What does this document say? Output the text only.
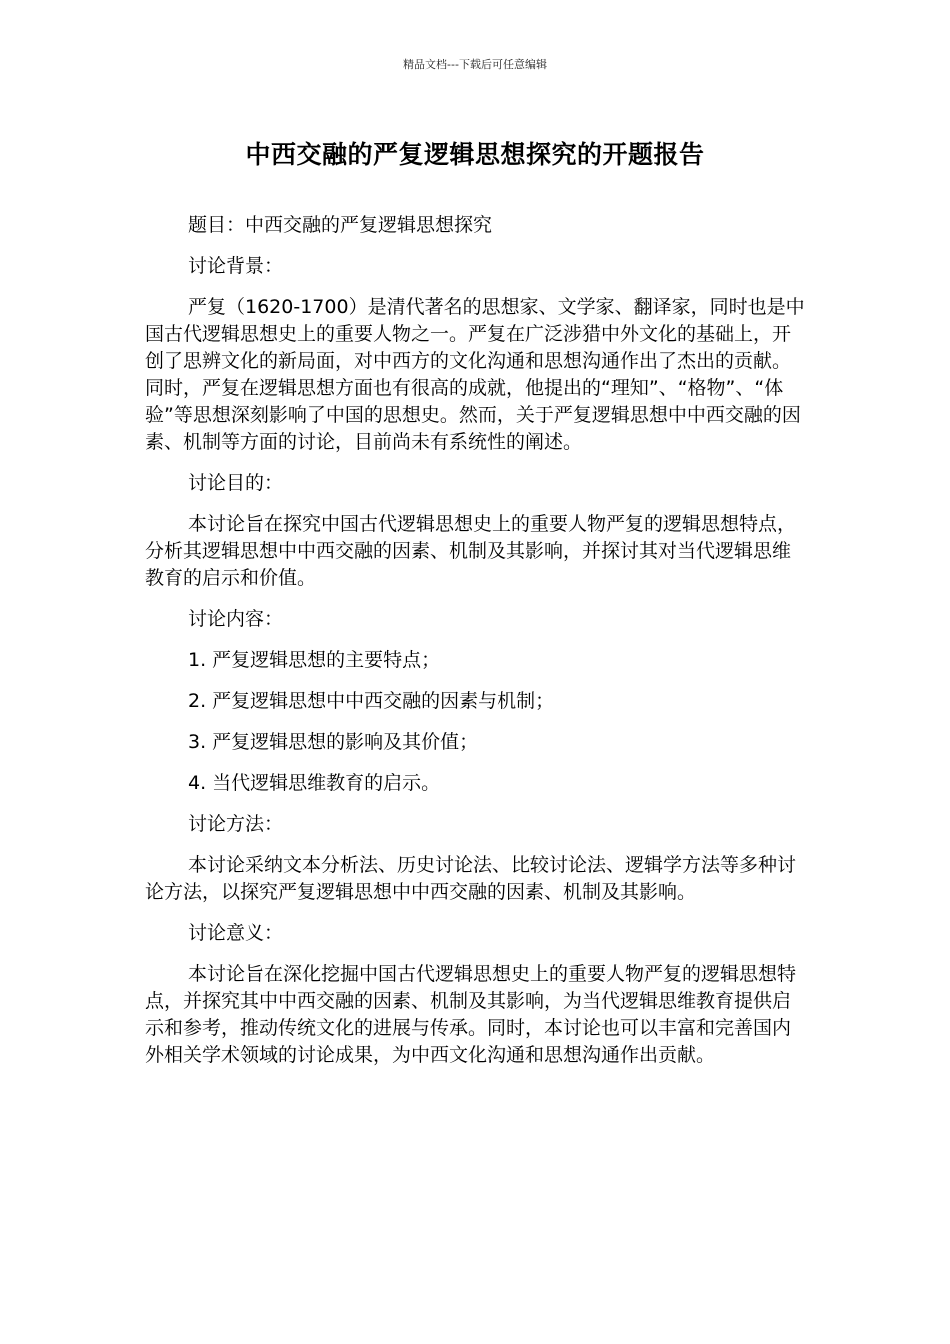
精品文档---下载后可任意编辑
中西交融的严复逻辑思想探究的开题报告

题目：中西交融的严复逻辑思想探究

讨论背景：

严复（1620-1700）是清代著名的思想家、文学家、翻译家，同时也是中国古代逻辑思想史上的重要人物之一。严复在广泛涉猎中外文化的基础上，开创了思辨文化的新局面，对中西方的文化沟通和思想沟通作出了杰出的贡献。同时，严复在逻辑思想方面也有很高的成就，他提出的“理知”、“格物”、“体验”等思想深刻影响了中国的思想史。然而，关于严复逻辑思想中中西交融的因素、机制等方面的讨论，目前尚未有系统性的阐述。

讨论目的：

本讨论旨在探究中国古代逻辑思想史上的重要人物严复的逻辑思想特点，分析其逻辑思想中中西交融的因素、机制及其影响，并探讨其对当代逻辑思维教育的启示和价值。

讨论内容：

1. 严复逻辑思想的主要特点；

2. 严复逻辑思想中中西交融的因素与机制；

3. 严复逻辑思想的影响及其价值；

4. 当代逻辑思维教育的启示。

讨论方法：

本讨论采纳文本分析法、历史讨论法、比较讨论法、逻辑学方法等多种讨论方法，以探究严复逻辑思想中中西交融的因素、机制及其影响。

讨论意义：

本讨论旨在深化挖掘中国古代逻辑思想史上的重要人物严复的逻辑思想特点，并探究其中中西交融的因素、机制及其影响，为当代逻辑思维教育提供启示和参考，推动传统文化的进展与传承。同时，本讨论也可以丰富和完善国内外相关学术领域的讨论成果，为中西文化沟通和思想沟通作出贡献。
